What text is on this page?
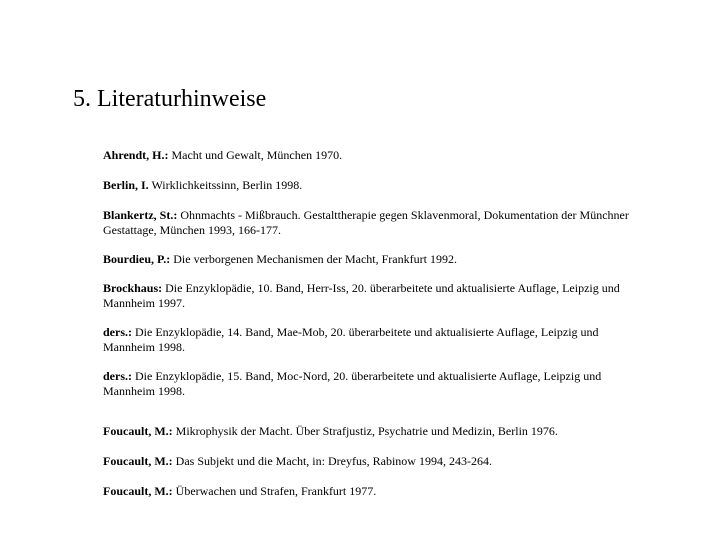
5. Literaturhinweise
Ahrendt, H.: Macht und Gewalt, München 1970.
Berlin, I. Wirklichkeitssinn, Berlin 1998.
Blankertz, St.: Ohnmachts - Mißbrauch. Gestalttherapie gegen Sklavenmoral, Dokumentation der Münchner Gestattage, München 1993, 166-177.
Bourdieu, P.: Die verborgenen Mechanismen der Macht, Frankfurt 1992.
Brockhaus: Die Enzyklopädie, 10. Band, Herr-Iss, 20. überarbeitete und aktualisierte Auflage, Leipzig und Mannheim 1997.
ders.: Die Enzyklopädie, 14. Band, Mae-Mob, 20. überarbeitete und aktualisierte Auflage, Leipzig und Mannheim 1998.
ders.: Die Enzyklopädie, 15. Band, Moc-Nord, 20. überarbeitete und aktualisierte Auflage, Leipzig und Mannheim 1998.
Foucault, M.: Mikrophysik der Macht. Über Strafjustiz, Psychatrie und Medizin, Berlin 1976.
Foucault, M.: Das Subjekt und die Macht, in: Dreyfus, Rabinow 1994, 243-264.
Foucault, M.: Überwachen und Strafen, Frankfurt 1977.
